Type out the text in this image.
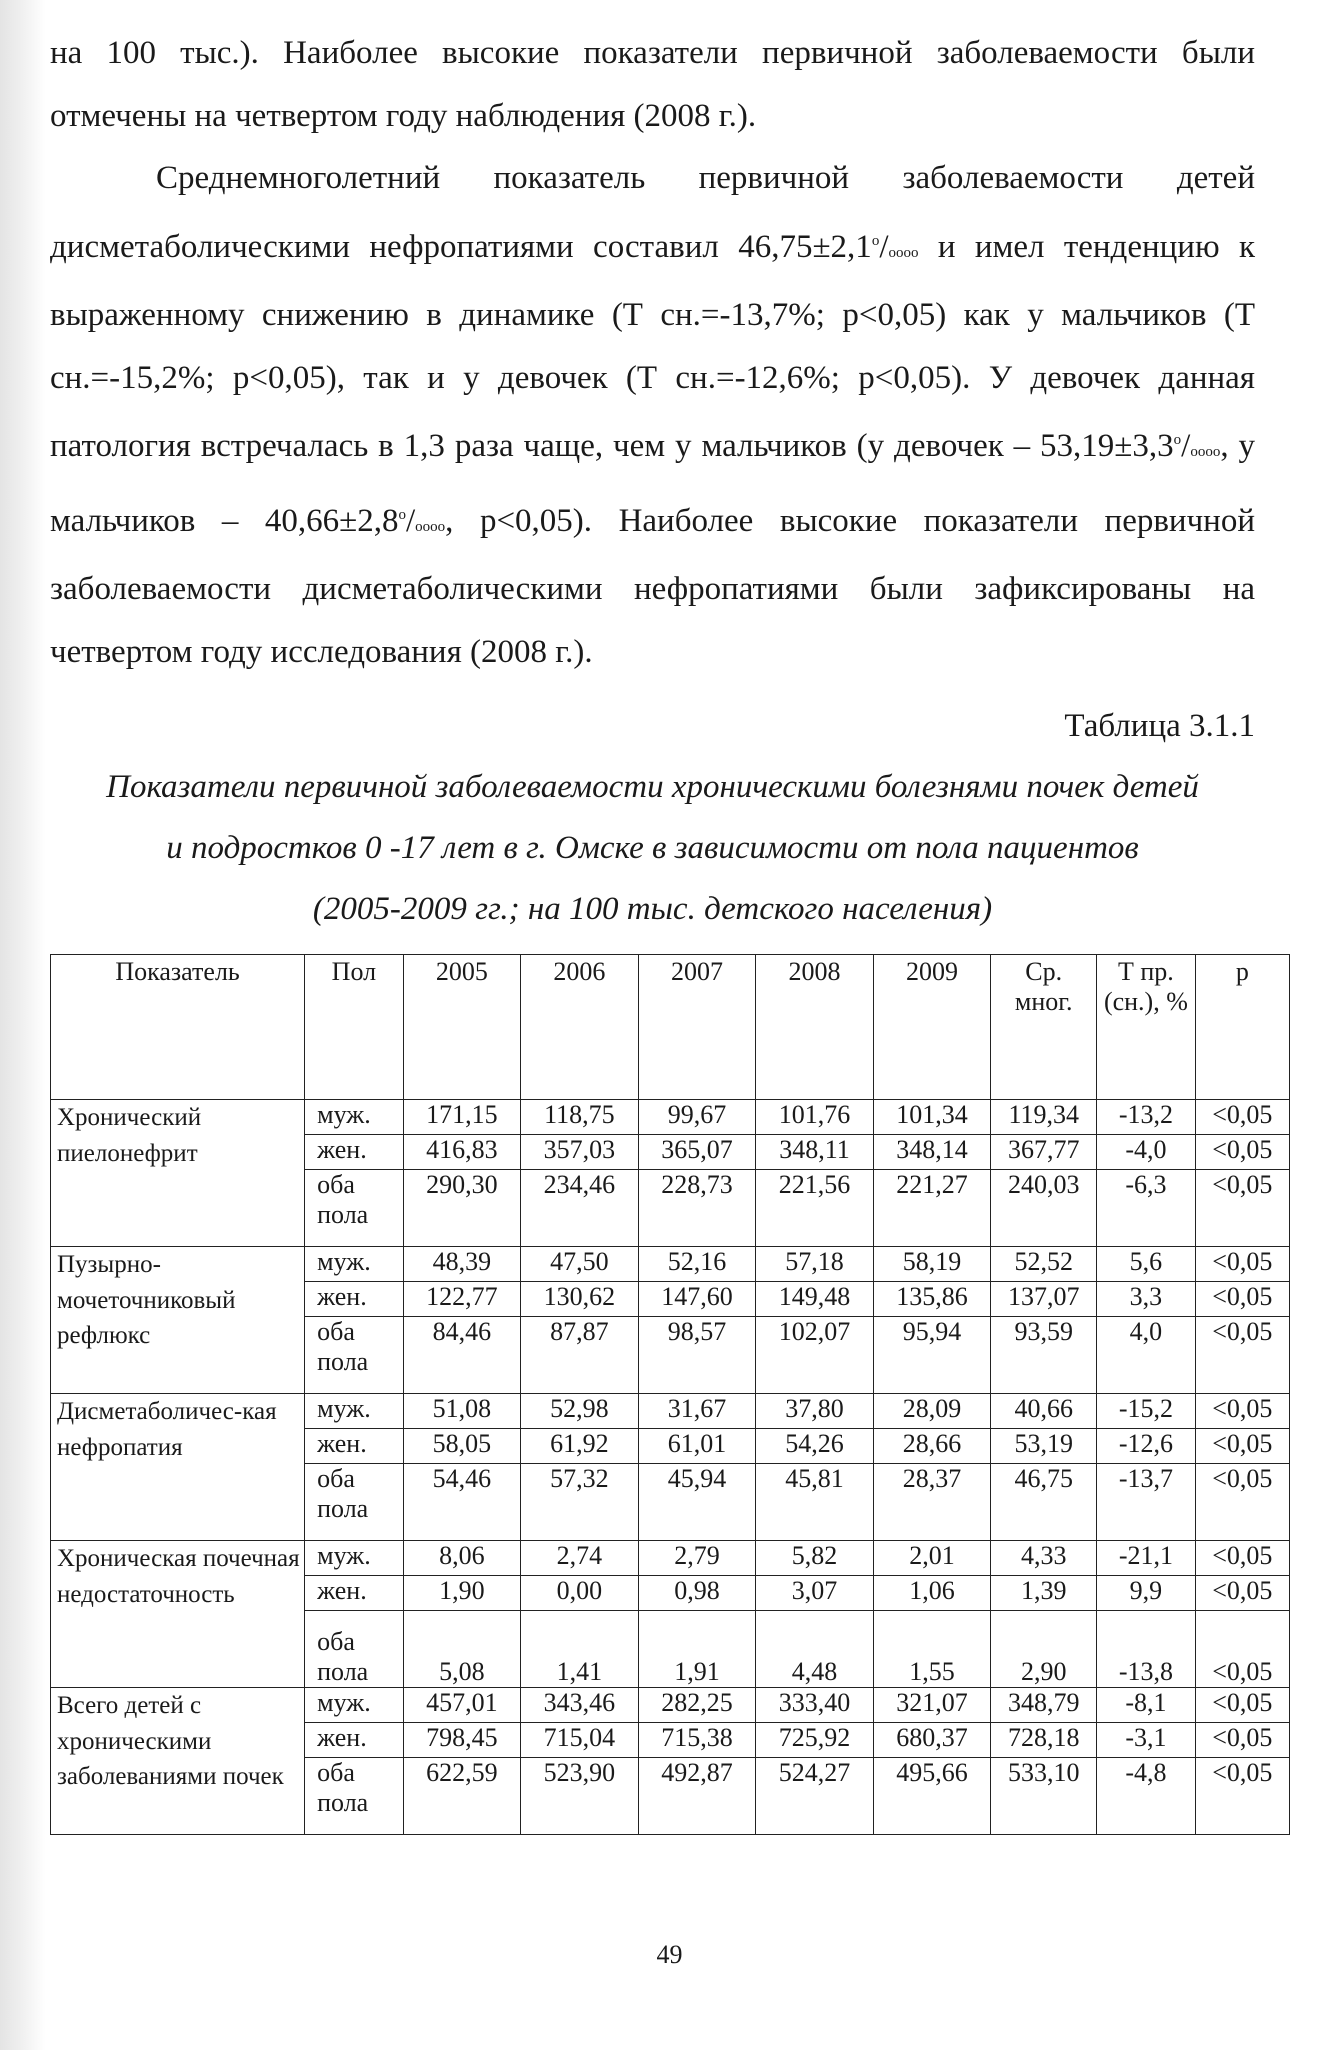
на 100 тыс.). Наиболее высокие показатели первичной заболеваемости были отмечены на четвертом году наблюдения (2008 г.).

Среднемноголетний показатель первичной заболеваемости детей дисметаболическими нефропатиями составил $46,75\pm 2,1^o$/oooo и имел тенденцию к выраженному снижению в динамике (Т сн.=-13,7%; p<0,05) как у мальчиков (Т сн.=-15,2%; p<0,05), так и у девочек (Т сн.=-12,6%; p<0,05). У девочек данная патология встречалась в 1,3 раза чаще, чем у мальчиков (у девочек – $53,19\pm 3,3^o$/oooo, у мальчиков – $40,66\pm 2,8^o$/oooo, p<0,05). Наиболее высокие показатели первичной заболеваемости дисметаболическими нефропатиями были зафиксированы на четвертом году исследования (2008 г.).

Таблица 3.1.1
Показатели первичной заболеваемости хроническими болезнями почек детей
и подростков 0 -17 лет в г. Омске в зависимости от пола пациентов
(2005-2009 гг.; на 100 тыс. детского населения)
Показатель	Пол	2005	2006	2007	2008	2009	Ср. мног.	Т пр. (сн.), %	p
Хронический пиелонефрит	муж.	171,15	118,75	99,67	101,76	101,34	119,34	-13,2	<0,05
	жен.	416,83	357,03	365,07	348,11	348,14	367,77	-4,0	<0,05
	оба пола	290,30	234,46	228,73	221,56	221,27	240,03	-6,3	<0,05
Пузырно-мочеточниковый рефлюкс	муж.	48,39	47,50	52,16	57,18	58,19	52,52	5,6	<0,05
	жен.	122,77	130,62	147,60	149,48	135,86	137,07	3,3	<0,05
	оба пола	84,46	87,87	98,57	102,07	95,94	93,59	4,0	<0,05
Дисметаболичес-кая нефропатия	муж.	51,08	52,98	31,67	37,80	28,09	40,66	-15,2	<0,05
	жен.	58,05	61,92	61,01	54,26	28,66	53,19	-12,6	<0,05
	оба пола	54,46	57,32	45,94	45,81	28,37	46,75	-13,7	<0,05
Хроническая почечная недостаточность	муж.	8,06	2,74	2,79	5,82	2,01	4,33	-21,1	<0,05
	жен.	1,90	0,00	0,98	3,07	1,06	1,39	9,9	<0,05
	оба пола	5,08	1,41	1,91	4,48	1,55	2,90	-13,8	<0,05
Всего детей с хроническими заболеваниями почек	муж.	457,01	343,46	282,25	333,40	321,07	348,79	-8,1	<0,05
	жен.	798,45	715,04	715,38	725,92	680,37	728,18	-3,1	<0,05
	оба пола	622,59	523,90	492,87	524,27	495,66	533,10	-4,8	<0,05
49
